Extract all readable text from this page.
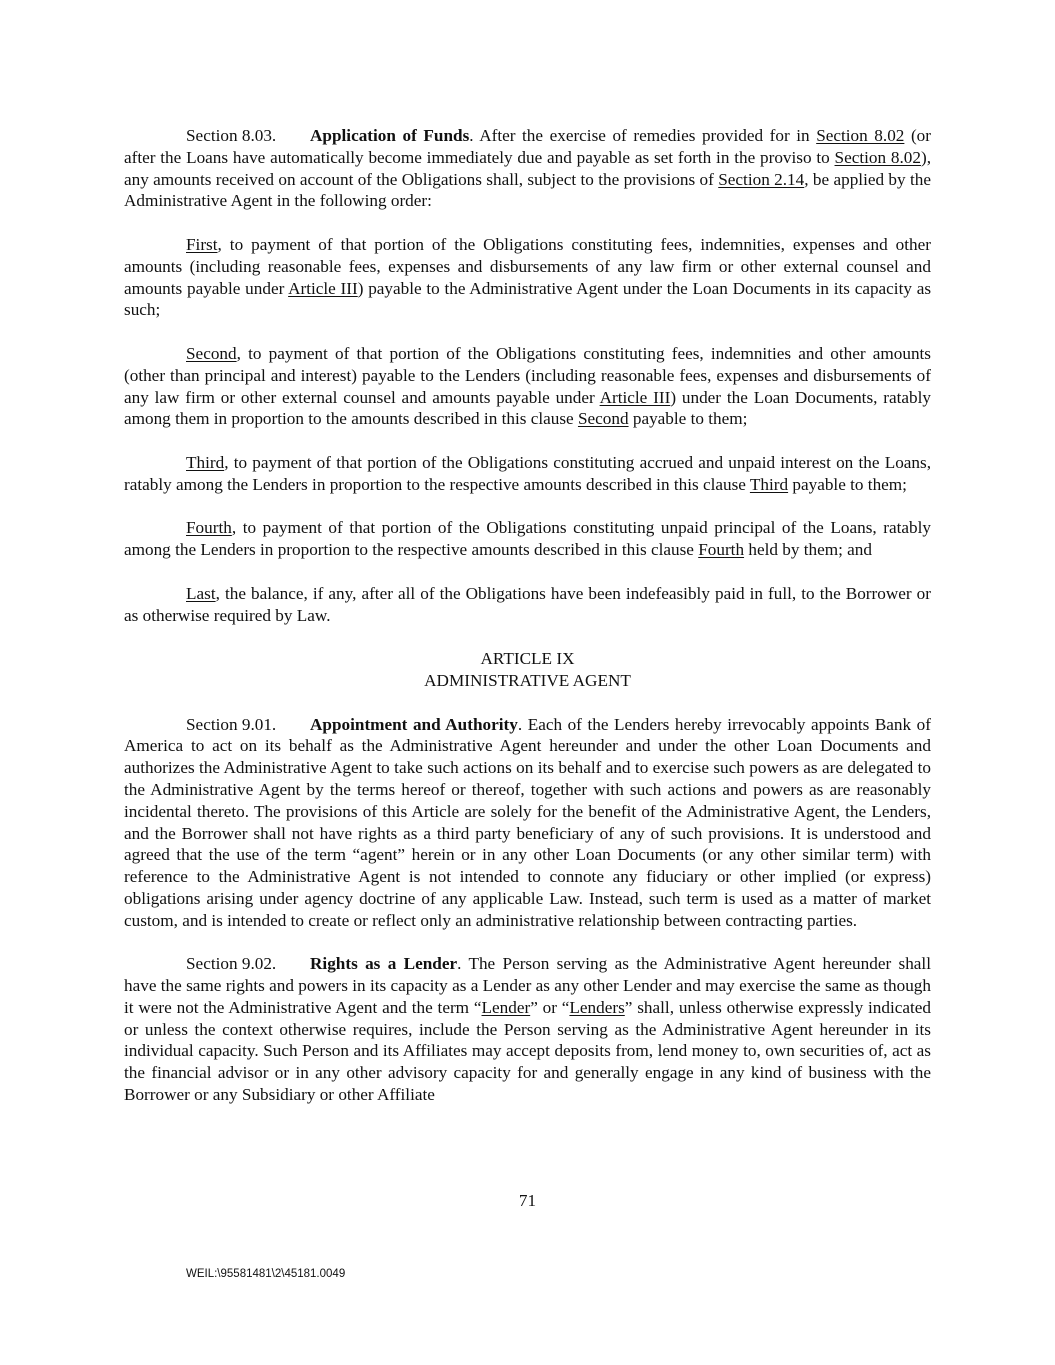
Section 8.03. Application of Funds. After the exercise of remedies provided for in Section 8.02 (or after the Loans have automatically become immediately due and payable as set forth in the proviso to Section 8.02), any amounts received on account of the Obligations shall, subject to the provisions of Section 2.14, be applied by the Administrative Agent in the following order:

First, to payment of that portion of the Obligations constituting fees, indemnities, expenses and other amounts (including reasonable fees, expenses and disbursements of any law firm or other external counsel and amounts payable under Article III) payable to the Administrative Agent under the Loan Documents in its capacity as such;

Second, to payment of that portion of the Obligations constituting fees, indemnities and other amounts (other than principal and interest) payable to the Lenders (including reasonable fees, expenses and disbursements of any law firm or other external counsel and amounts payable under Article III) under the Loan Documents, ratably among them in proportion to the amounts described in this clause Second payable to them;

Third, to payment of that portion of the Obligations constituting accrued and unpaid interest on the Loans, ratably among the Lenders in proportion to the respective amounts described in this clause Third payable to them;

Fourth, to payment of that portion of the Obligations constituting unpaid principal of the Loans, ratably among the Lenders in proportion to the respective amounts described in this clause Fourth held by them; and

Last, the balance, if any, after all of the Obligations have been indefeasibly paid in full, to the Borrower or as otherwise required by Law.

ARTICLE IX

ADMINISTRATIVE AGENT

Section 9.01. Appointment and Authority. Each of the Lenders hereby irrevocably appoints Bank of America to act on its behalf as the Administrative Agent hereunder and under the other Loan Documents and authorizes the Administrative Agent to take such actions on its behalf and to exercise such powers as are delegated to the Administrative Agent by the terms hereof or thereof, together with such actions and powers as are reasonably incidental thereto. The provisions of this Article are solely for the benefit of the Administrative Agent, the Lenders, and the Borrower shall not have rights as a third party beneficiary of any of such provisions. It is understood and agreed that the use of the term “agent” herein or in any other Loan Documents (or any other similar term) with reference to the Administrative Agent is not intended to connote any fiduciary or other implied (or express) obligations arising under agency doctrine of any applicable Law. Instead, such term is used as a matter of market custom, and is intended to create or reflect only an administrative relationship between contracting parties.

Section 9.02. Rights as a Lender. The Person serving as the Administrative Agent hereunder shall have the same rights and powers in its capacity as a Lender as any other Lender and may exercise the same as though it were not the Administrative Agent and the term “Lender” or “Lenders” shall, unless otherwise expressly indicated or unless the context otherwise requires, include the Person serving as the Administrative Agent hereunder in its individual capacity. Such Person and its Affiliates may accept deposits from, lend money to, own securities of, act as the financial advisor or in any other advisory capacity for and generally engage in any kind of business with the Borrower or any Subsidiary or other Affiliate

71
WEIL:\95581481\2\45181.0049
